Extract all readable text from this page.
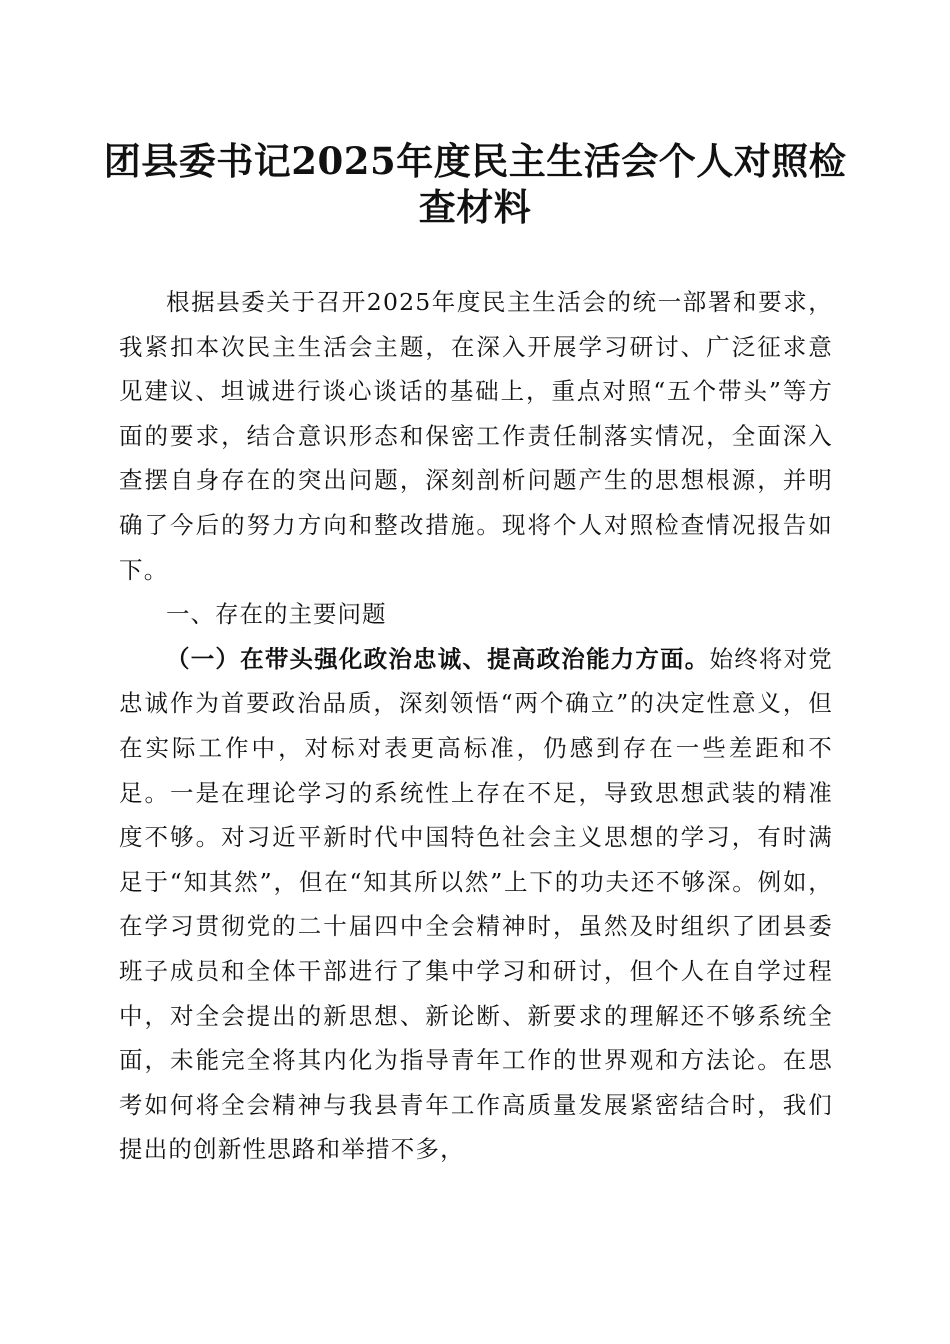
团县委书记2025年度民主生活会个人对照检
查材料

根据县委关于召开2025年度民主生活会的统一部署和要求，我紧扣本次民主生活会主题，在深入开展学习研讨、广泛征求意见建议、坦诚进行谈心谈话的基础上，重点对照“五个带头”等方面的要求，结合意识形态和保密工作责任制落实情况，全面深入查摆自身存在的突出问题，深刻剖析问题产生的思想根源，并明确了今后的努力方向和整改措施。现将个人对照检查情况报告如下。

一、存在的主要问题

（一）在带头强化政治忠诚、提高政治能力方面。始终将对党忠诚作为首要政治品质，深刻领悟“两个确立”的决定性意义，但在实际工作中，对标对表更高标准，仍感到存在一些差距和不足。一是在理论学习的系统性上存在不足，导致思想武装的精准度不够。对习近平新时代中国特色社会主义思想的学习，有时满足于“知其然”，但在“知其所以然”上下的功夫还不够深。例如，在学习贯彻党的二十届四中全会精神时，虽然及时组织了团县委班子成员和全体干部进行了集中学习和研讨，但个人在自学过程中，对全会提出的新思想、新论断、新要求的理解还不够系统全面，未能完全将其内化为指导青年工作的世界观和方法论。在思考如何将全会精神与我县青年工作高质量发展紧密结合时，我们提出的创新性思路和举措不多，
